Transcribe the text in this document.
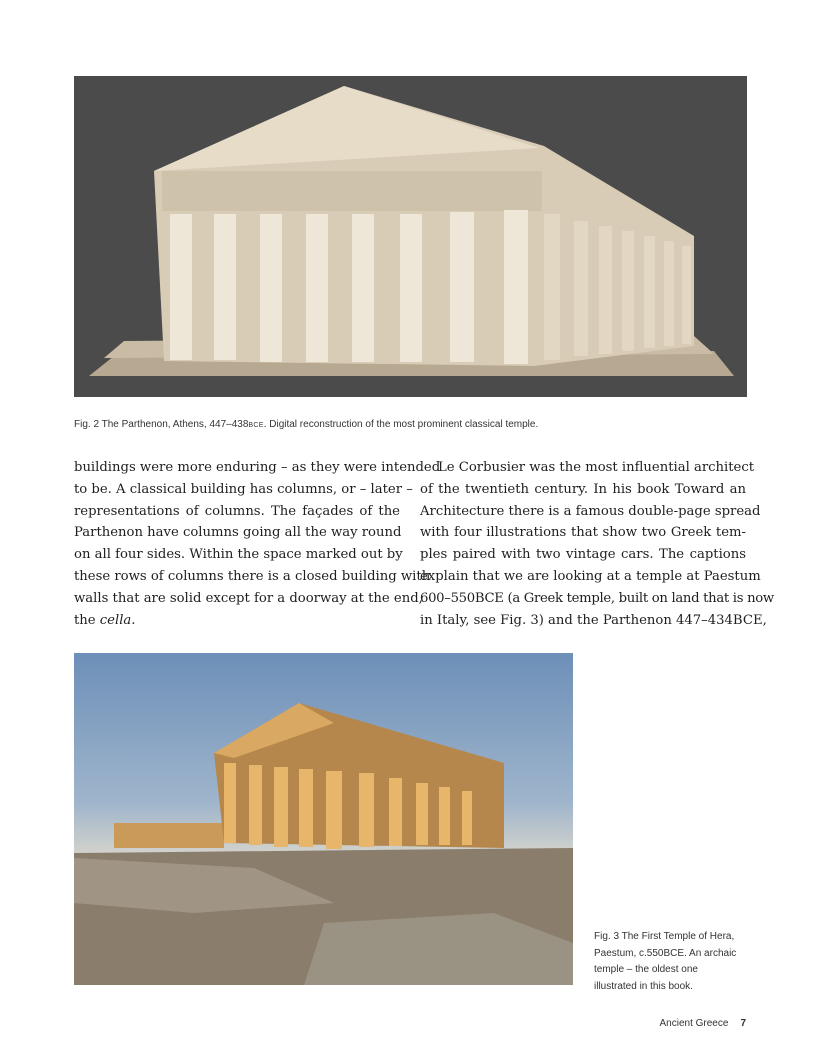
Fig. 2 The Parthenon, Athens, 447–438BCE. Digital reconstruction of the most prominent classical temple.
buildings were more enduring – as they were intended
to be. A classical building has columns, or – later –
representations of columns. The façades of the
Parthenon have columns going all the way round
on all four sides. Within the space marked out by
these rows of columns there is a closed building with
walls that are solid except for a doorway at the end,
the cella.
Le Corbusier was the most influential architect
of the twentieth century. In his book Toward an
Architecture there is a famous double-page spread
with four illustrations that show two Greek tem-
ples paired with two vintage cars. The captions
explain that we are looking at a temple at Paestum
600–550BCE (a Greek temple, built on land that is now
in Italy, see Fig. 3) and the Parthenon 447–434BCE,
Fig. 3 The First Temple of Hera,
Paestum, c.550BCE. An archaic
temple – the oldest one
illustrated in this book.
Ancient Greece 7
